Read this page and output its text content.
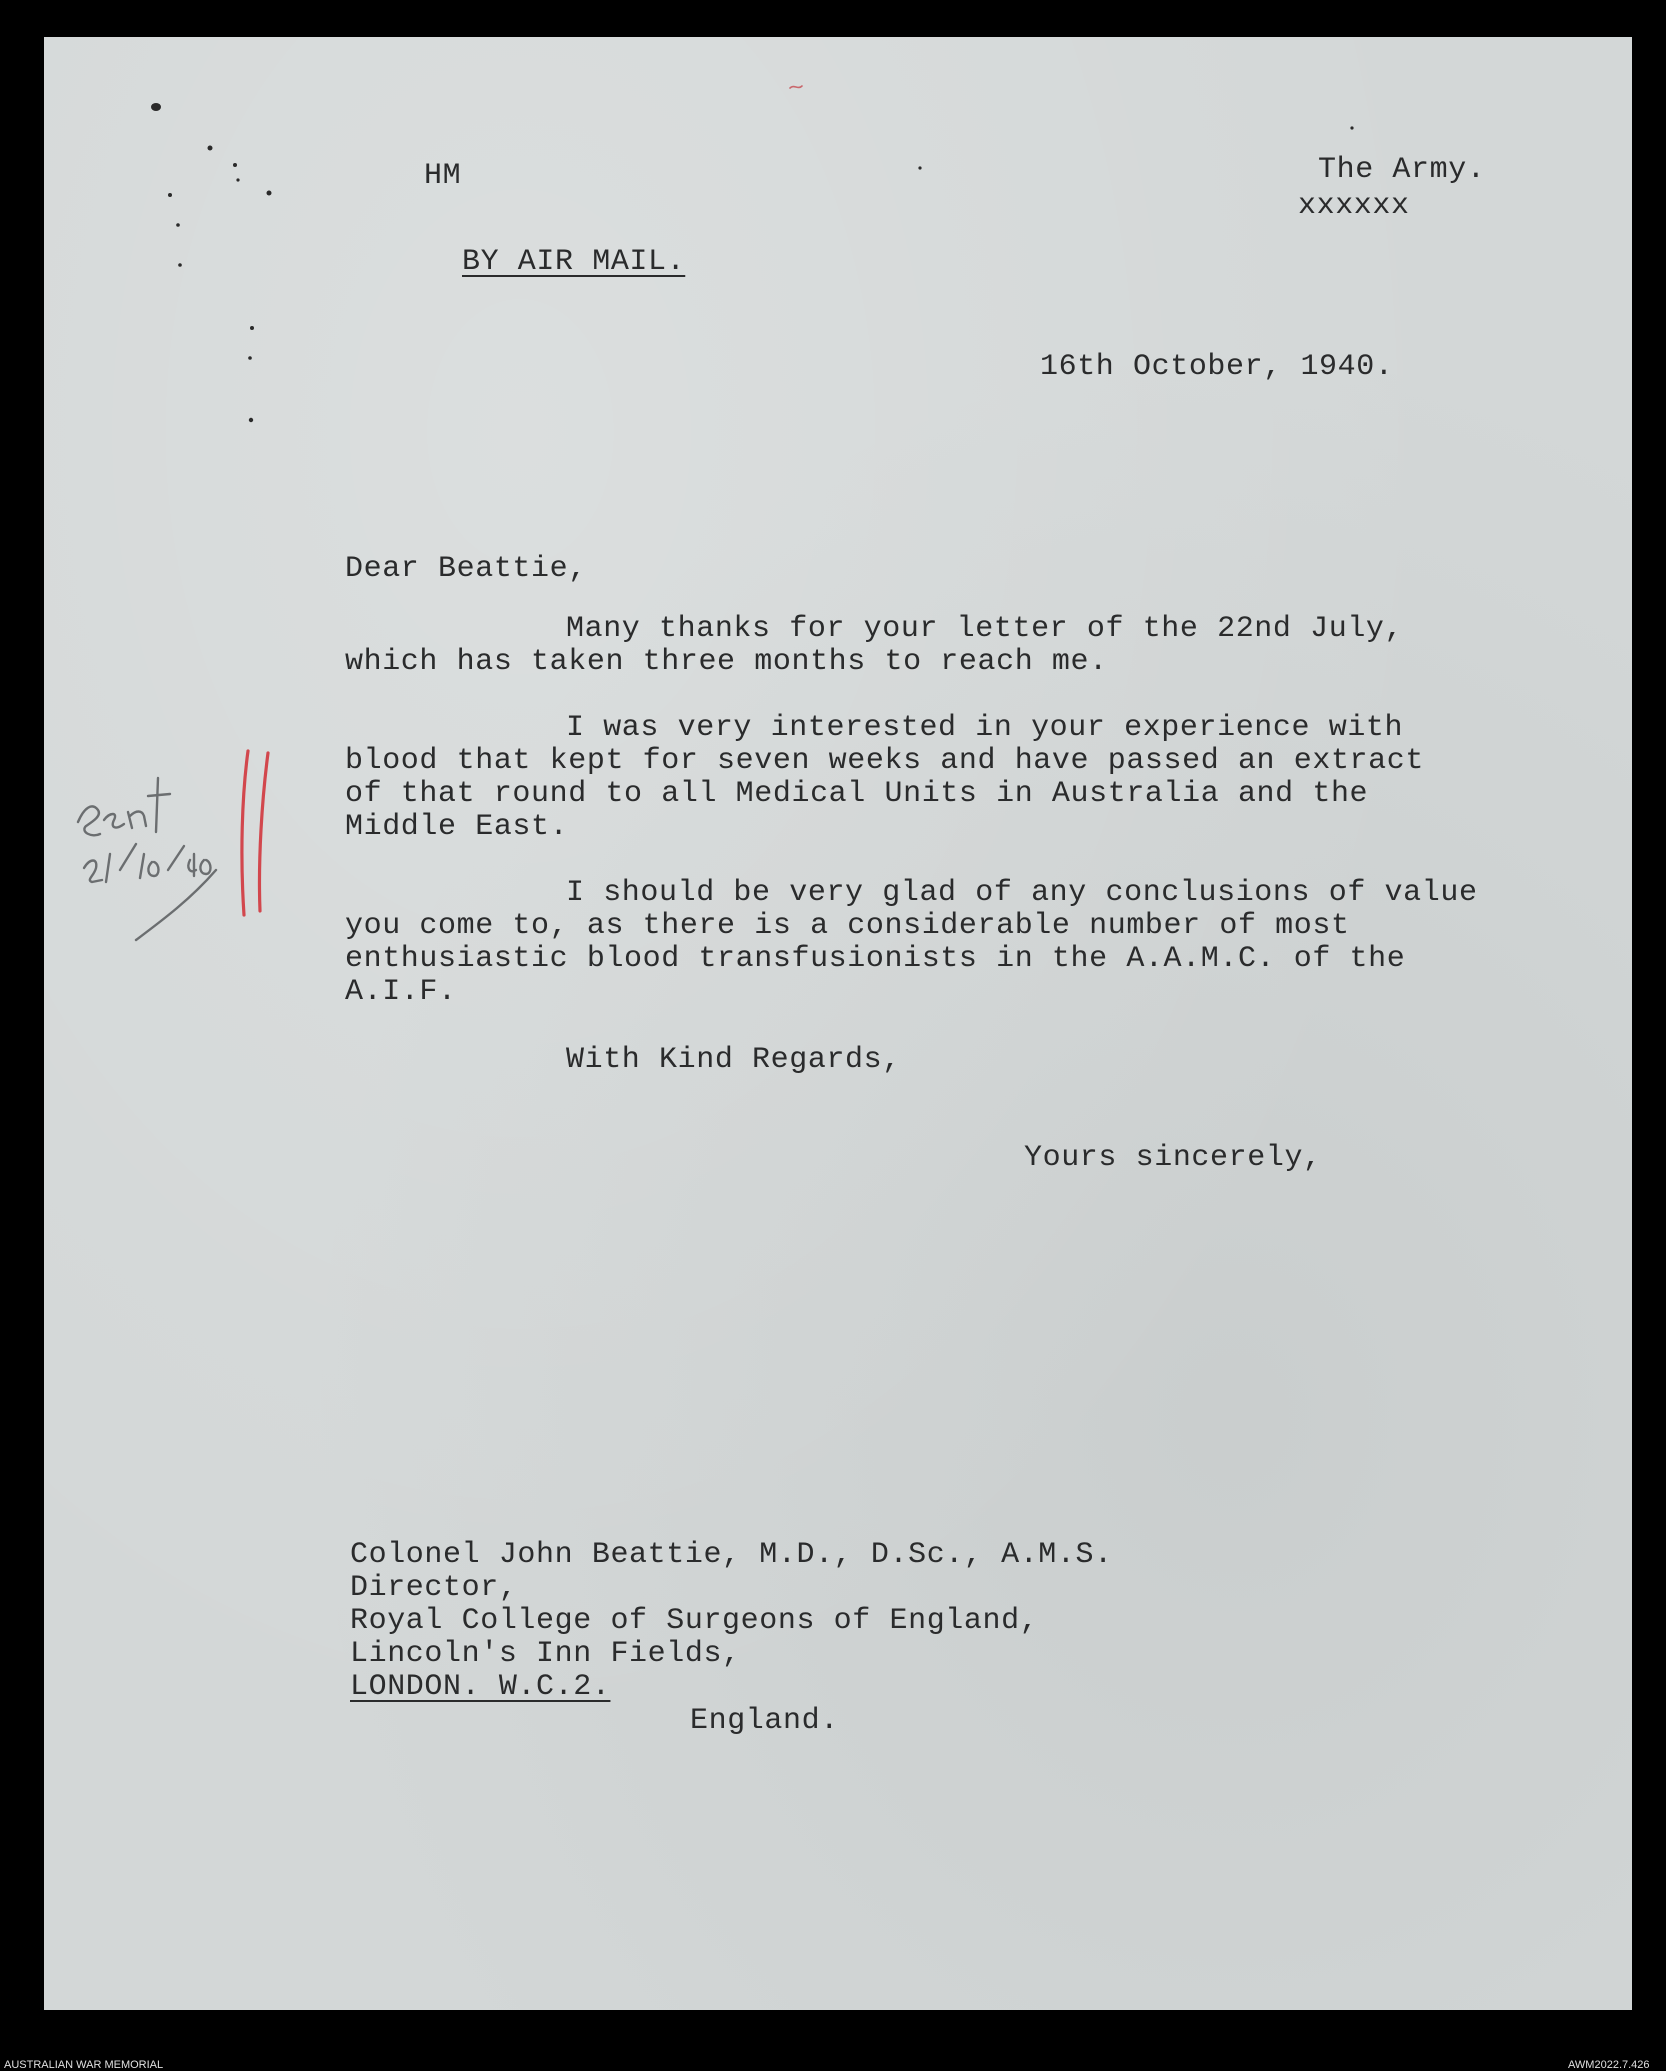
HM	The Army.

xxxxxx

BY AIR MAIL.

16th October, 1940.

Dear Beattie,

Many thanks for your letter of the 22nd July,
which has taken three months to reach me.
I was very interested in your experience with
blood that kept for seven weeks and have passed an extract
of that round to all Medical Units in Australia and the
Middle East.
I should be very glad of any conclusions of value
you come to, as there is a considerable number of most
enthusiastic blood transfusionists in the A.A.M.C. of the
A.I.F.

With Kind Regards,

Yours sincerely,

Colonel John Beattie, M.D., D.Sc., A.M.S.

Director,

Royal College of Surgeons of England,

Lincoln's Inn Fields,

LONDON. W.C.2.

England.

AUSTRALIAN WAR MEMORIAL	AWM2022.7.426
